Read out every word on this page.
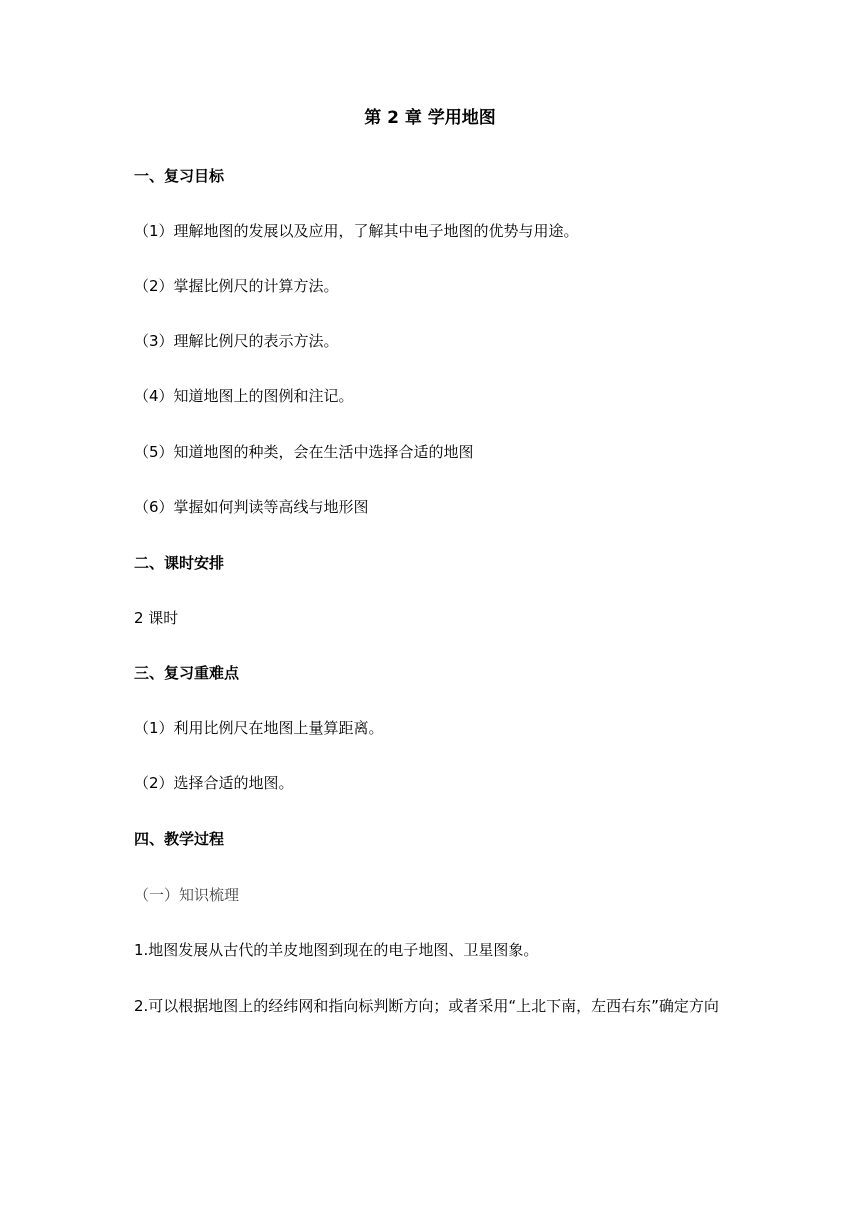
第 2 章 学用地图
一、复习目标
（1）理解地图的发展以及应用，了解其中电子地图的优势与用途。
（2）掌握比例尺的计算方法。
（3）理解比例尺的表示方法。
（4）知道地图上的图例和注记。
（5）知道地图的种类，会在生活中选择合适的地图
（6）掌握如何判读等高线与地形图
二、课时安排
2 课时
三、复习重难点
（1）利用比例尺在地图上量算距离。
（2）选择合适的地图。
四、教学过程
（一）知识梳理
1.地图发展从古代的羊皮地图到现在的电子地图、卫星图象。
2.可以根据地图上的经纬网和指向标判断方向；或者采用“上北下南，左西右东”确定方向
